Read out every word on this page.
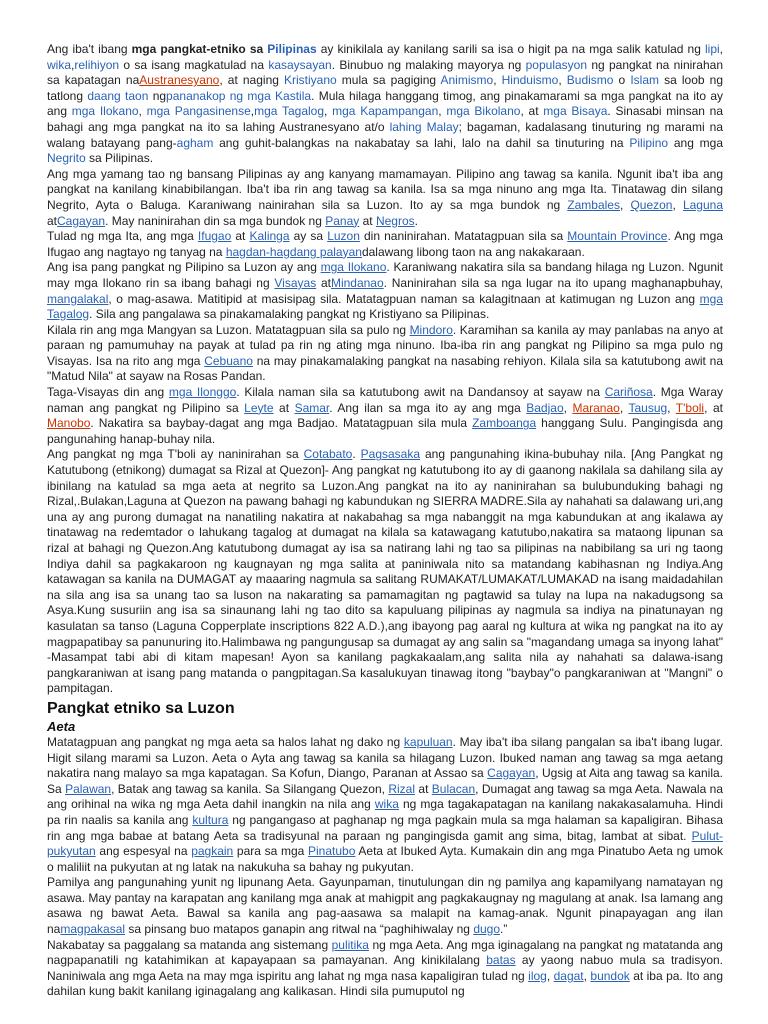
Ang iba't ibang mga pangkat-etniko sa Pilipinas ay kinikilala ay kanilang sarili sa isa o higit pa na mga salik katulad ng lipi, wika,relihiyon o sa isang magkatulad na kasaysayan. Binubuo ng malaking mayorya ng populasyon ng pangkat na ninirahan sa kapatagan naAustranesyano, at naging Kristiyano mula sa pagiging Animismo, Hinduismo, Budismo o Islam sa loob ng tatlong daang taon ngpananakop ng mga Kastila. Mula hilaga hanggang timog, ang pinakamarami sa mga pangkat na ito ay ang mga Ilokano, mga Pangasinense,mga Tagalog, mga Kapampangan, mga Bikolano, at mga Bisaya. Sinasabi minsan na bahagi ang mga pangkat na ito sa lahing Austranesyano at/o lahing Malay; bagaman, kadalasang tinuturing ng marami na walang batayang pang-agham ang guhit-balangkas na nakabatay sa lahi, lalo na dahil sa tinuturing na Pilipino ang mga Negrito sa Pilipinas.

Ang mga yamang tao ng bansang Pilipinas ay ang kanyang mamamayan. Pilipino ang tawag sa kanila. Ngunit iba't iba ang pangkat na kanilang kinabibilangan. Iba't iba rin ang tawag sa kanila. Isa sa mga ninuno ang mga Ita. Tinatawag din silang Negrito, Ayta o Baluga. Karaniwang nainirahan sila sa Luzon. Ito ay sa mga bundok ng Zambales, Quezon, Laguna atCagayan. May naninirahan din sa mga bundok ng Panay at Negros.

Tulad ng mga Ita, ang mga Ifugao at Kalinga ay sa Luzon din naninirahan. Matatagpuan sila sa Mountain Province. Ang mga Ifugao ang nagtayo ng tanyag na hagdan-hagdang palayandalawang libong taon na ang nakakaraan.

Ang isa pang pangkat ng Pilipino sa Luzon ay ang mga Ilokano. Karaniwang nakatira sila sa bandang hilaga ng Luzon. Ngunit may mga Ilokano rin sa ibang bahagi ng Visayas atMindanao. Naninirahan sila sa nga lugar na ito upang maghanapbuhay, mangalakal, o mag-asawa. Matitipid at masisipag sila. Matatagpuan naman sa kalagitnaan at katimugan ng Luzon ang mga Tagalog. Sila ang pangalawa sa pinakamalaking pangkat ng Kristiyano sa Pilipinas.

Kilala rin ang mga Mangyan sa Luzon. Matatagpuan sila sa pulo ng Mindoro. Karamihan sa kanila ay may panlabas na anyo at paraan ng pamumuhay na payak at tulad pa rin ng ating mga ninuno. Iba-iba rin ang pangkat ng Pilipino sa mga pulo ng Visayas. Isa na rito ang mga Cebuano na may pinakamalaking pangkat na nasabing rehiyon. Kilala sila sa katutubong awit na "Matud Nila" at sayaw na Rosas Pandan.

Taga-Visayas din ang mga Ilonggo. Kilala naman sila sa katutubong awit na Dandansoy at sayaw na Cariñosa. Mga Waray naman ang pangkat ng Pilipino sa Leyte at Samar. Ang ilan sa mga ito ay ang mga Badjao, Maranao, Tausug, T'boli, at Manobo. Nakatira sa baybay-dagat ang mga Badjao. Matatagpuan sila mula Zamboanga hanggang Sulu. Pangingisda ang pangunahing hanap-buhay nila.

Ang pangkat ng mga T'boli ay naninirahan sa Cotabato. Pagsasaka ang pangunahing ikina-bubuhay nila. [Ang Pangkat ng Katutubong (etnikong) dumagat sa Rizal at Quezon]- Ang pangkat ng katutubong ito ay di gaanong nakilala sa dahilang sila ay ibinilang na katulad sa mga aeta at negrito sa Luzon.Ang pangkat na ito ay naninirahan sa bulubunduking bahagi ng Rizal,.Bulakan,Laguna at Quezon na pawang bahagi ng kabundukan ng SIERRA MADRE.Sila ay nahahati sa dalawang uri,ang una ay ang purong dumagat na nanatiling nakatira at nakabahag sa mga nabanggit na mga kabundukan at ang ikalawa ay tinatawag na redemtador o lahukang tagalog at dumagat na kilala sa katawagang katutubo,nakatira sa mataong lipunan sa rizal at bahagi ng Quezon.Ang katutubong dumagat ay isa sa natirang lahi ng tao sa pilipinas na nabibilang sa uri ng taong Indiya dahil sa pagkakaroon ng kaugnayan ng mga salita at paniniwala nito sa matandang kabihasnan ng Indiya.Ang katawagan sa kanila na DUMAGAT ay maaaring nagmula sa salitang RUMAKAT/LUMAKAT/LUMAKAD na isang maidadahilan na sila ang isa sa unang tao sa luson na nakarating sa pamamagitan ng pagtawid sa tulay na lupa na nakadugsong sa Asya.Kung susuriin ang isa sa sinaunang lahi ng tao dito sa kapuluang pilipinas ay nagmula sa indiya na pinatunayan ng kasulatan sa tanso (Laguna Copperplate inscriptions 822 A.D.),ang ibayong pag aaral ng kultura at wika ng pangkat na ito ay magpapatibay sa panunuring ito.Halimbawa ng pangungusap sa dumagat ay ang salin sa "magandang umaga sa inyong lahat" -Masampat tabi abi di kitam mapesan! Ayon sa kanilang pagkakaalam,ang salita nila ay nahahati sa dalawa-isang pangkaraniwan at isang pang matanda o pangpitagan.Sa kasalukuyan tinawag itong "baybay"o pangkaraniwan at "Mangni" o pampitagan.

Pangkat etniko sa Luzon
Aeta

Matatagpuan ang pangkat ng mga aeta sa halos lahat ng dako ng kapuluan. May iba't iba silang pangalan sa iba't ibang lugar. Higit silang marami sa Luzon. Aeta o Ayta ang tawag sa kanila sa hilagang Luzon. Ibuked naman ang tawag sa mga aetang nakatira nang malayo sa mga kapatagan. Sa Kofun, Diango, Paranan at Assao sa Cagayan, Ugsig at Aita ang tawag sa kanila. Sa Palawan, Batak ang tawag sa kanila. Sa Silangang Quezon, Rizal at Bulacan, Dumagat ang tawag sa mga Aeta. Nawala na ang orihinal na wika ng mga Aeta dahil inangkin na nila ang wika ng mga tagakapatagan na kanilang nakakasalamuha. Hindi pa rin naalis sa kanila ang kultura ng pangangaso at paghanap ng mga pagkain mula sa mga halaman sa kapaligiran. Bihasa rin ang mga babae at batang Aeta sa tradisyunal na paraan ng pangingisda gamit ang sima, bitag, lambat at sibat. Pulut-pukyutan ang espesyal na pagkain para sa mga Pinatubo Aeta at Ibuked Ayta. Kumakain din ang mga Pinatubo Aeta ng umok o maliliit na pukyutan at ng latak na nakukuha sa bahay ng pukyutan.

Pamilya ang pangunahing yunit ng lipunang Aeta. Gayunpaman, tinutulungan din ng pamilya ang kapamilyang namatayan ng asawa. May pantay na karapatan ang kanilang mga anak at mahigpit ang pagkakaugnay ng magulang at anak. Isa lamang ang asawa ng bawat Aeta. Bawal sa kanila ang pag-aasawa sa malapit na kamag-anak. Ngunit pinapayagan ang ilan namagpakasal sa pinsang buo matapos ganapin ang ritwal na “paghihiwalay ng dugo.”

Nakabatay sa paggalang sa matanda ang sistemang pulitika ng mga Aeta. Ang mga iginagalang na pangkat ng matatanda ang nagpapanatili ng katahimikan at kapayapaan sa pamayanan. Ang kinikilalang batas ay yaong nabuo mula sa tradisyon. Naniniwala ang mga Aeta na may mga ispiritu ang lahat ng mga nasa kapaligiran tulad ng ilog, dagat, bundok at iba pa. Ito ang dahilan kung bakit kanilang iginagalang ang kalikasan. Hindi sila pumuputol ng
